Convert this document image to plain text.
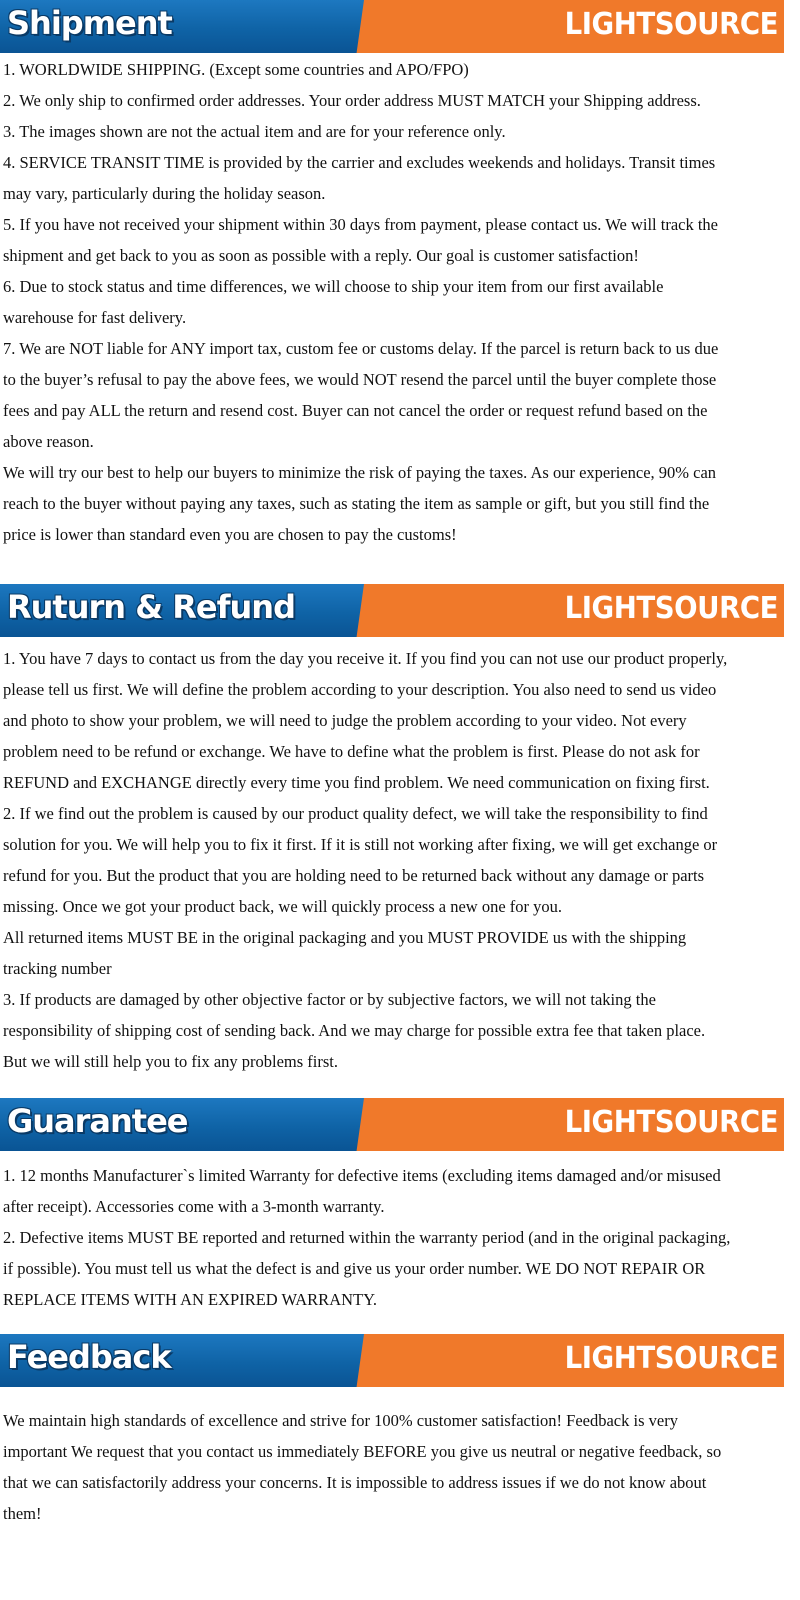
Shipment	LIGHTSOURCE

1. WORLDWIDE SHIPPING. (Except some countries and APO/FPO)

2. We only ship to confirmed order addresses. Your order address MUST MATCH your Shipping address.

3. The images shown are not the actual item and are for your reference only.

4. SERVICE TRANSIT TIME is provided by the carrier and excludes weekends and holidays. Transit times

may vary, particularly during the holiday season.

5. If you have not received your shipment within 30 days from payment, please contact us. We will track the

shipment and get back to you as soon as possible with a reply. Our goal is customer satisfaction!

6. Due to stock status and time differences, we will choose to ship your item from our first available

warehouse for fast delivery.

7. We are NOT liable for ANY import tax, custom fee or customs delay. If the parcel is return back to us due

to the buyer’s refusal to pay the above fees, we would NOT resend the parcel until the buyer complete those

fees and pay ALL the return and resend cost. Buyer can not cancel the order or request refund based on the

above reason.

We will try our best to help our buyers to minimize the risk of paying the taxes. As our experience, 90% can

reach to the buyer without paying any taxes, such as stating the item as sample or gift, but you still find the

price is lower than standard even you are chosen to pay the customs!

Ruturn & Refund	LIGHTSOURCE

1. You have 7 days to contact us from the day you receive it. If you find you can not use our product properly,

please tell us first. We will define the problem according to your description. You also need to send us video

and photo to show your problem, we will need to judge the problem according to your video. Not every

problem need to be refund or exchange. We have to define what the problem is first. Please do not ask for

REFUND and EXCHANGE directly every time you find problem. We need communication on fixing first.

2. If we find out the problem is caused by our product quality defect, we will take the responsibility to find

solution for you. We will help you to fix it first. If it is still not working after fixing, we will get exchange or

refund for you. But the product that you are holding need to be returned back without any damage or parts

missing. Once we got your product back, we will quickly process a new one for you.

All returned items MUST BE in the original packaging and you MUST PROVIDE us with the shipping

tracking number

3. If products are damaged by other objective factor or by subjective factors, we will not taking the

responsibility of shipping cost of sending back. And we may charge for possible extra fee that taken place.

But we will still help you to fix any problems first.

Guarantee	LIGHTSOURCE

1. 12 months Manufacturer`s limited Warranty for defective items (excluding items damaged and/or misused

after receipt). Accessories come with a 3-month warranty.

2. Defective items MUST BE reported and returned within the warranty period (and in the original packaging,

if possible). You must tell us what the defect is and give us your order number. WE DO NOT REPAIR OR

REPLACE ITEMS WITH AN EXPIRED WARRANTY.

Feedback	LIGHTSOURCE

We maintain high standards of excellence and strive for 100% customer satisfaction! Feedback is very

important We request that you contact us immediately BEFORE you give us neutral or negative feedback, so

that we can satisfactorily address your concerns. It is impossible to address issues if we do not know about

them!
